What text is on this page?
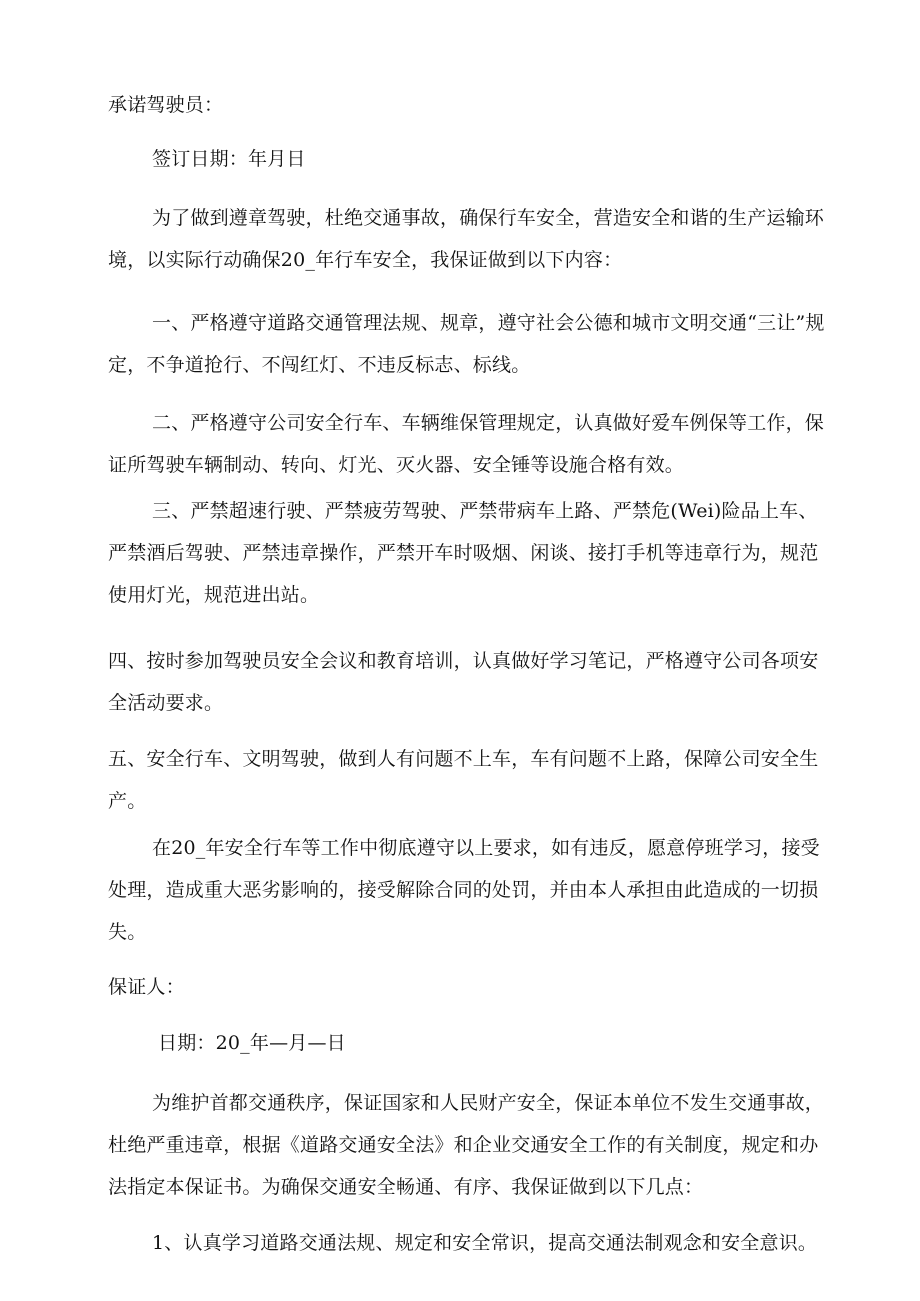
承诺驾驶员：

签订日期：年月日

为了做到遵章驾驶，杜绝交通事故，确保行车安全，营造安全和谐的生产运输环境，以实际行动确保20_年行车安全，我保证做到以下内容：

一、严格遵守道路交通管理法规、规章，遵守社会公德和城市文明交通“三让”规定，不争道抢行、不闯红灯、不违反标志、标线。

二、严格遵守公司安全行车、车辆维保管理规定，认真做好爱车例保等工作，保证所驾驶车辆制动、转向、灯光、灭火器、安全锤等设施合格有效。

三、严禁超速行驶、严禁疲劳驾驶、严禁带病车上路、严禁危(Wei)险品上车、严禁酒后驾驶、严禁违章操作，严禁开车时吸烟、闲谈、接打手机等违章行为，规范使用灯光，规范进出站。

四、按时参加驾驶员安全会议和教育培训，认真做好学习笔记，严格遵守公司各项安全活动要求。

五、安全行车、文明驾驶，做到人有问题不上车，车有问题不上路，保障公司安全生产。

在20_年安全行车等工作中彻底遵守以上要求，如有违反，愿意停班学习，接受处理，造成重大恶劣影响的，接受解除合同的处罚，并由本人承担由此造成的一切损失。

保证人：

日期：20_年—月—日

为维护首都交通秩序，保证国家和人民财产安全，保证本单位不发生交通事故，杜绝严重违章，根据《道路交通安全法》和企业交通安全工作的有关制度，规定和办法指定本保证书。为确保交通安全畅通、有序、我保证做到以下几点：

1、认真学习道路交通法规、规定和安全常识，提高交通法制观念和安全意识。
